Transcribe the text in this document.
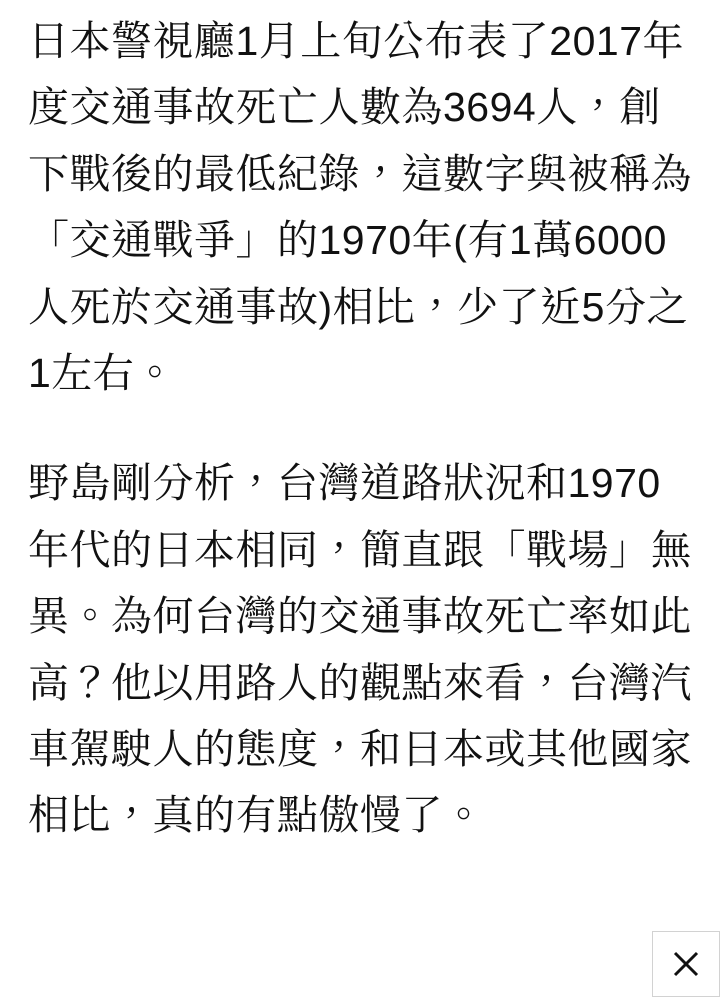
日本警視廳1月上旬公布表了2017年度交通事故死亡人數為3694人，創下戰後的最低紀錄，這數字與被稱為「交通戰爭」的1970年(有1萬6000人死於交通事故)相比，少了近5分之1左右。

野島剛分析，台灣道路狀況和1970年代的日本相同，簡直跟「戰場」無異。為何台灣的交通事故死亡率如此高？他以用路人的觀點來看，台灣汽車駕駛人的態度，和日本或其他國家相比，真的有點傲慢了。
